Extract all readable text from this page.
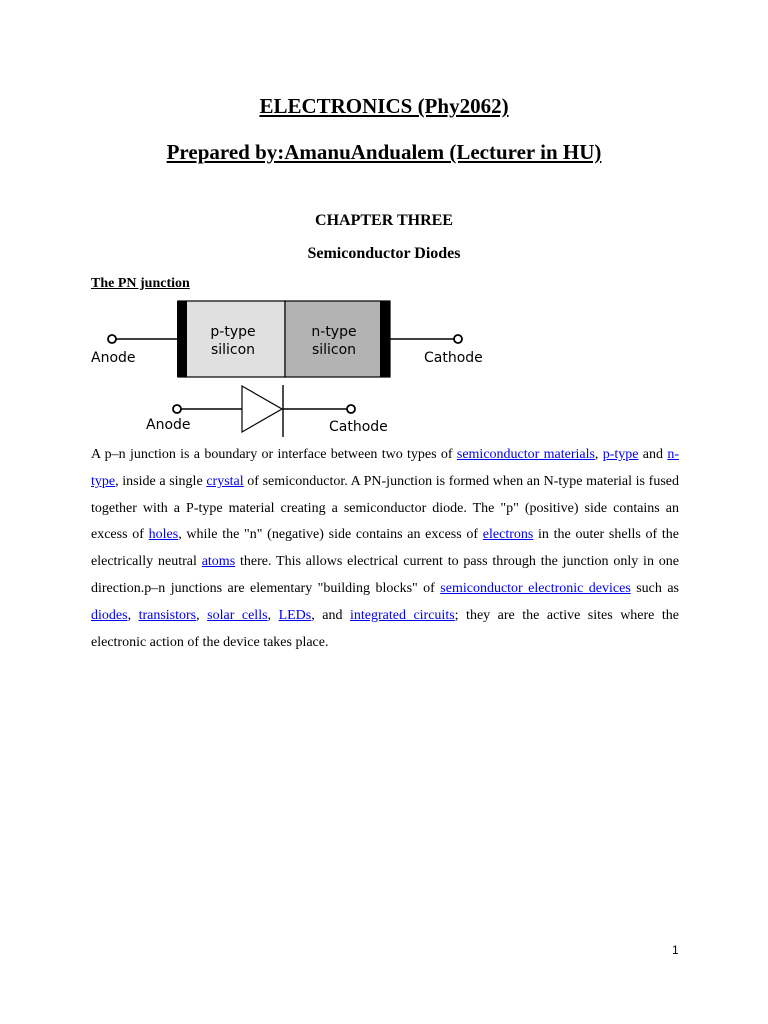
ELECTRONICS (Phy2062)
Prepared by:AmanuAndualem (Lecturer in HU)
CHAPTER THREE
Semiconductor Diodes
The PN junction
p-type
silicon
n-type
silicon
Anode	Cathode
Anode	Cathode
A p–n junction is a boundary or interface between two types of semiconductor materials, p-type and n-type, inside a single crystal of semiconductor. A PN-junction is formed when an N-type material is fused together with a P-type material creating a semiconductor diode. The "p" (positive) side contains an excess of holes, while the "n" (negative) side contains an excess of electrons in the outer shells of the electrically neutral atoms there. This allows electrical current to pass through the junction only in one direction.p–n junctions are elementary "building blocks" of semiconductor electronic devices such as diodes, transistors, solar cells, LEDs, and integrated circuits; they are the active sites where the electronic action of the device takes place.
1
